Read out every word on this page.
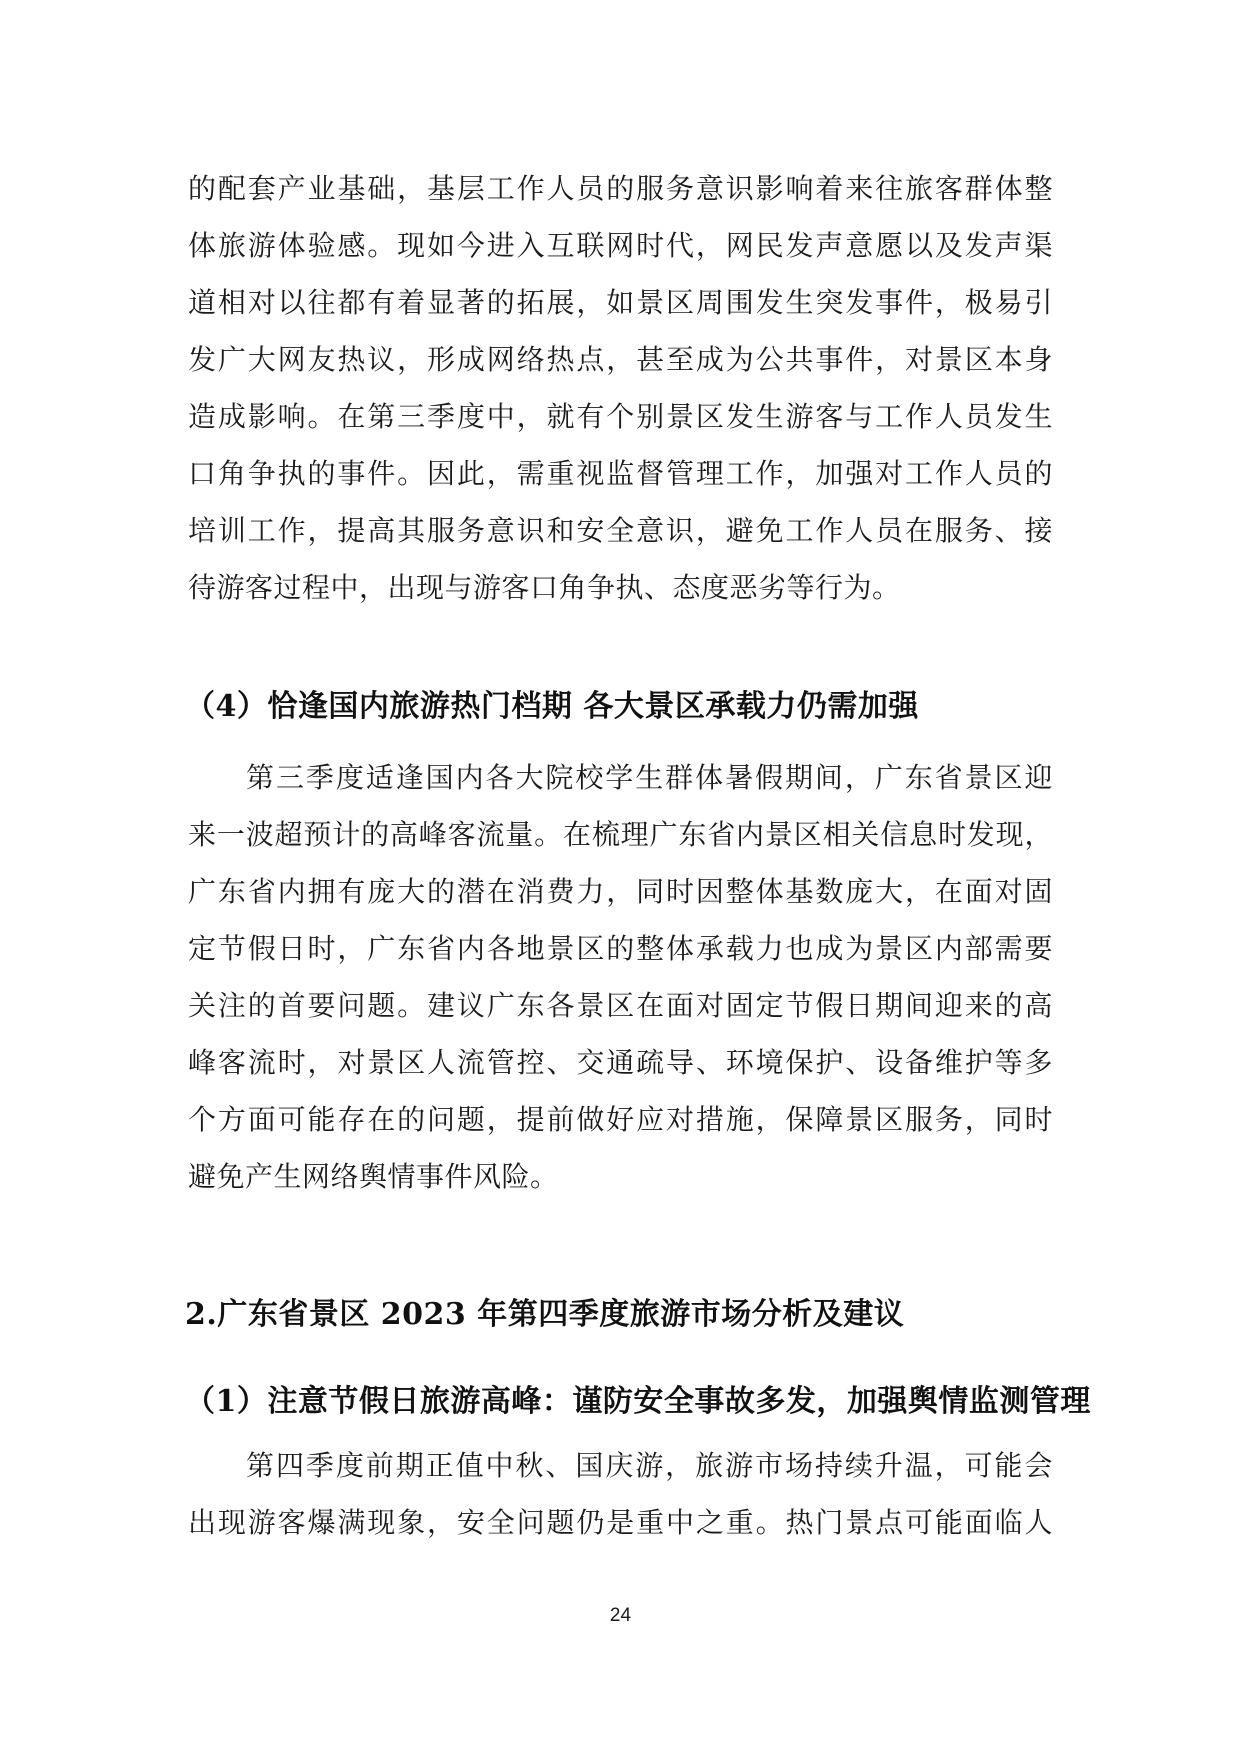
的配套产业基础，基层工作人员的服务意识影响着来往旅客群体整
体旅游体验感。现如今进入互联网时代，网民发声意愿以及发声渠
道相对以往都有着显著的拓展，如景区周围发生突发事件，极易引
发广大网友热议，形成网络热点，甚至成为公共事件，对景区本身
造成影响。在第三季度中，就有个别景区发生游客与工作人员发生
口角争执的事件。因此，需重视监督管理工作，加强对工作人员的
培训工作，提高其服务意识和安全意识，避免工作人员在服务、接
待游客过程中，出现与游客口角争执、态度恶劣等行为。
（4）恰逢国内旅游热门档期 各大景区承载力仍需加强
第三季度适逢国内各大院校学生群体暑假期间，广东省景区迎
来一波超预计的高峰客流量。在梳理广东省内景区相关信息时发现，
广东省内拥有庞大的潜在消费力，同时因整体基数庞大，在面对固
定节假日时，广东省内各地景区的整体承载力也成为景区内部需要
关注的首要问题。建议广东各景区在面对固定节假日期间迎来的高
峰客流时，对景区人流管控、交通疏导、环境保护、设备维护等多
个方面可能存在的问题，提前做好应对措施，保障景区服务，同时
避免产生网络舆情事件风险。
2.广东省景区 2023 年第四季度旅游市场分析及建议
（1）注意节假日旅游高峰：谨防安全事故多发，加强舆情监测管理
第四季度前期正值中秋、国庆游，旅游市场持续升温，可能会
出现游客爆满现象，安全问题仍是重中之重。热门景点可能面临人
24
